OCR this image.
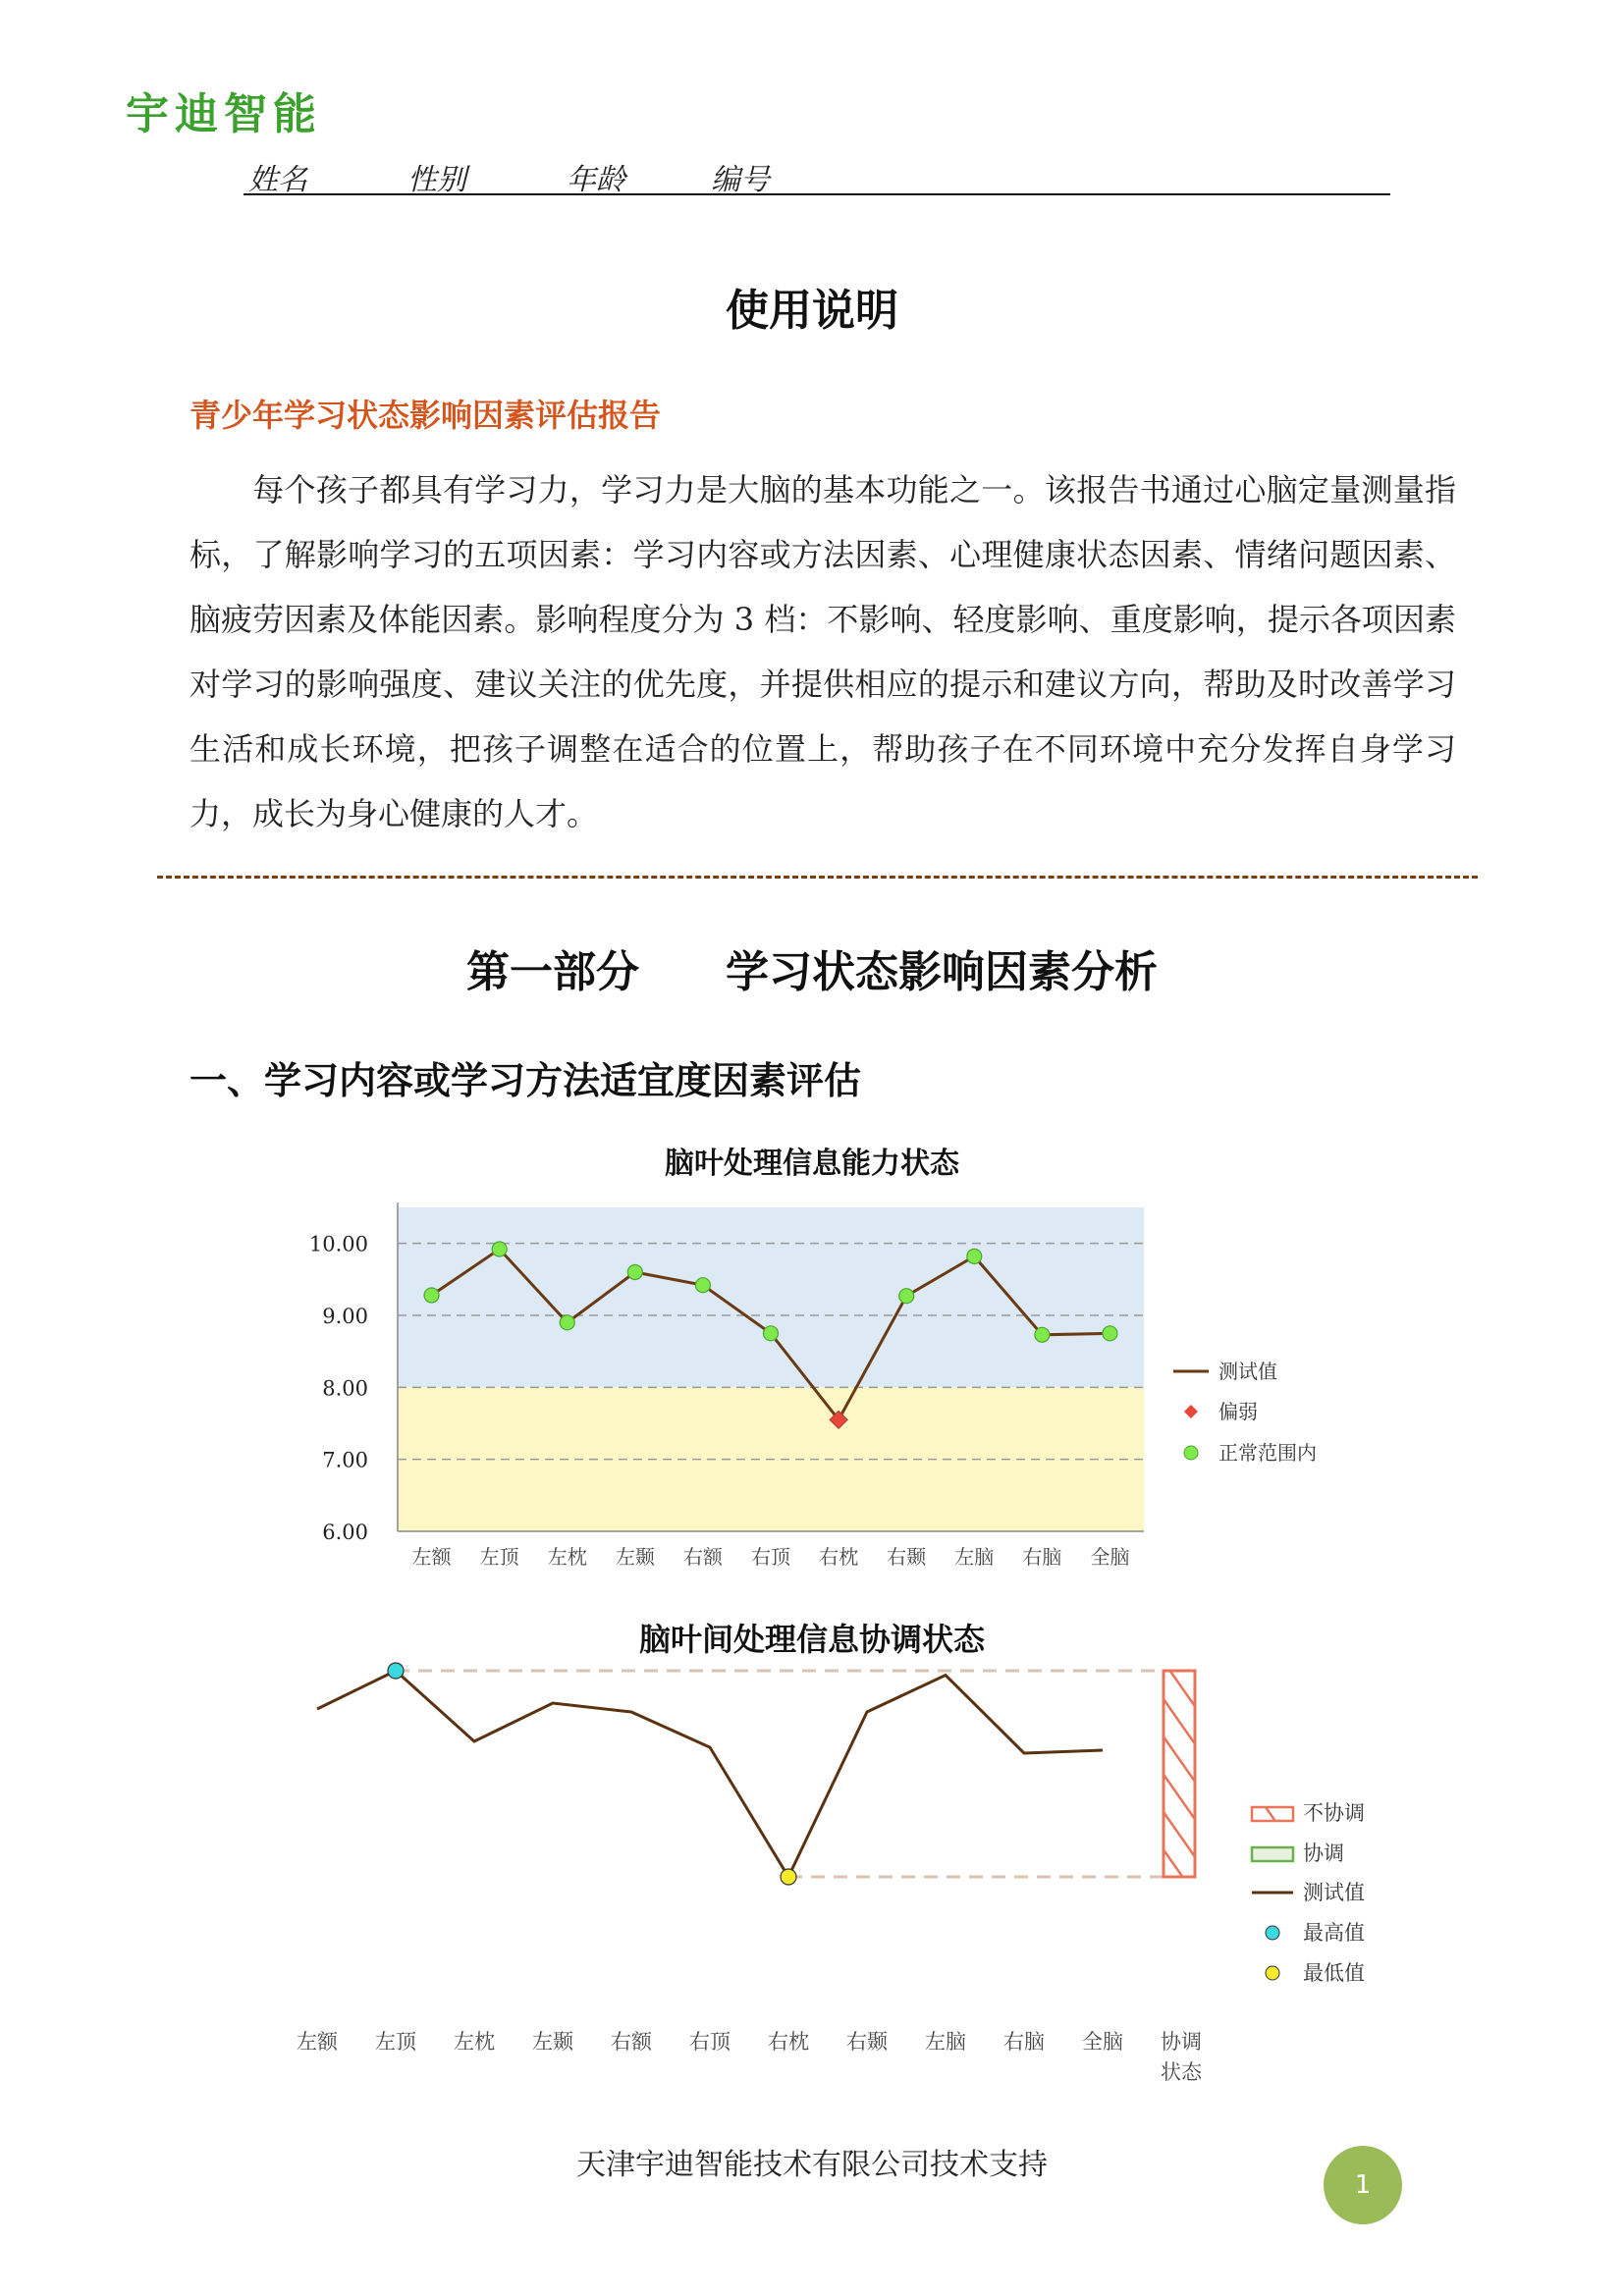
宇迪智能
姓名	性别	年龄	编号
使用说明
青少年学习状态影响因素评估报告
每个孩子都具有学习力，学习力是大脑的基本功能之一。该报告书通过心脑定量测量指标，了解影响学习的五项因素：学习内容或方法因素、心理健康状态因素、情绪问题因素、脑疲劳因素及体能因素。影响程度分为 3 档：不影响、轻度影响、重度影响，提示各项因素对学习的影响强度、建议关注的优先度，并提供相应的提示和建议方向，帮助及时改善学习生活和成长环境，把孩子调整在适合的位置上，帮助孩子在不同环境中充分发挥自身学习力，成长为身心健康的人才。
第一部分　　学习状态影响因素分析
一、学习内容或学习方法适宜度因素评估
脑叶处理信息能力状态
10.00
9.00
8.00
7.00
6.00
左额 左顶 左枕 左颞 右额 右顶 右枕 右颞 左脑 右脑 全脑
测试值
偏弱
正常范围内
脑叶间处理信息协调状态
左额 左顶 左枕 左颞 右额 右顶 右枕 右颞 左脑 右脑 全脑 协调
状态
不协调
协调
测试值
最高值
最低值
天津宇迪智能技术有限公司技术支持
1
